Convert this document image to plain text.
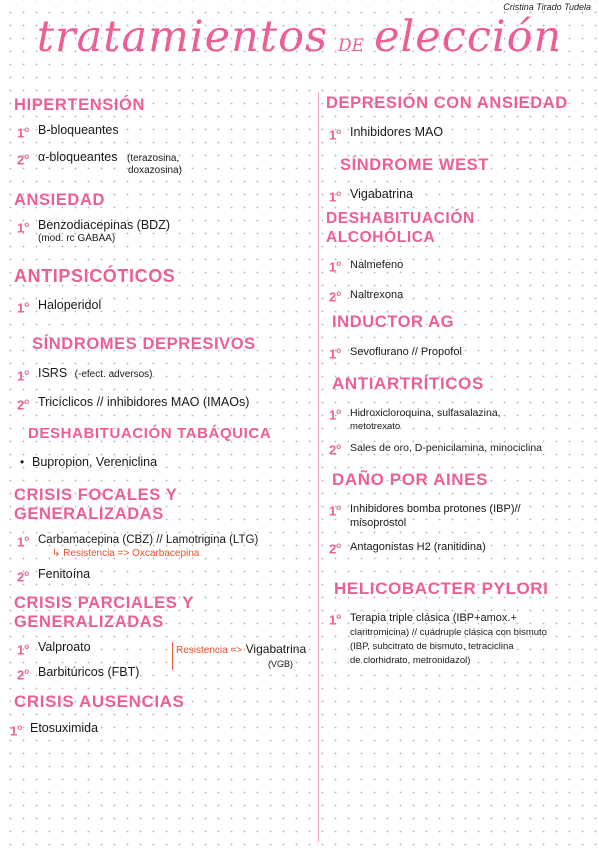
Cristina Tirado Tudela
tratamientos DE elección
HIPERTENSIÓN
1$^o$ B-bloqueantes
2$^o$ α-bloqueantes (terazosina,
doxazosina)
ANSIEDAD
1$^o$ Benzodiacepinas (BDZ)
(mod. rc GABAA)
ANTIPSICÓTICOS
1$^o$ Haloperidol
SÍNDROMES DEPRESIVOS
1$^o$ ISRS (-efect. adversos)
2$^o$ Tricíclicos // inhibidores MAO (IMAOs)
DESHABITUACIÓN TABÁQUICA
• Bupropion, Vereniclina
CRISIS FOCALES Y GENERALIZADAS
1$^o$ Carbamacepina (CBZ) // Lamotrigina (LTG)
↳ Resistencia => Oxcarbacepina
2$^o$ Fenitoína
CRISIS PARCIALES Y GENERALIZADAS
1$^o$ Valproato	Resistencia => Vigabatrina
(VGB)
2$^o$ Barbitúricos (FBT)
CRISIS AUSENCIAS
1$^o$ Etosuximida
DEPRESIÓN CON ANSIEDAD
1$^o$ Inhibidores MAO
SÍNDROME WEST
1$^o$ Vigabatrina
DESHABITUACIÓN ALCOHÓLICA
1$^o$ Nalmefeno
2$^o$ Naltrexona
INDUCTOR AG
1$^o$ Sevoflurano // Propofol
ANTIARTRÍTICOS
1$^o$ Hidroxicloroquina, sulfasalazina,
metotrexato
2$^o$ Sales de oro, D-penicilamina, minociclina
DAÑO POR AINES
1$^o$ Inhibidores bomba protones (IBP)//
misoprostol
2$^o$ Antagonistas H2 (ranitidina)
HELICOBACTER PYLORI
1$^o$ Terapia triple clásica (IBP+amox.+
claritromicina) // cuádruple clásica con bismuto
(IBP, subcitrato de bismuto, tetraciclina
de clorhidrato, metronidazol)
